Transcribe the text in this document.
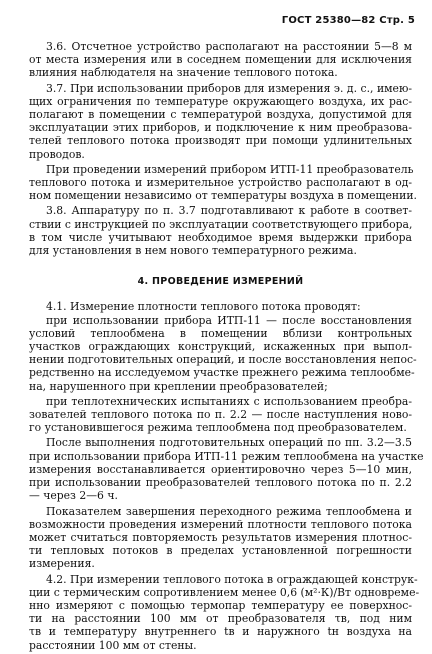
ГОСТ 25380—82 Стр. 5
3.6. Отсчетное устройство располагают на расстоянии 5—8 м
от места измерения или в соседнем помещении для исключения
влияния наблюдателя на значение теплового потока.
3.7. При использовании приборов для измерения э. д. с., имею-
щих ограничения по температуре окружающего воздуха, их рас-
полагают в помещении с температурой воздуха, допустимой для
эксплуатации этих приборов, и подключение к ним преобразова-
телей теплового потока производят при помощи удлинительных
проводов.
При проведении измерений прибором ИТП-11 преобразователь
теплового потока и измерительное устройство располагают в од-
ном помещении независимо от температуры воздуха в помещении.
3.8. Аппаратуру по п. 3.7 подготавливают к работе в соответ-
ствии с инструкцией по эксплуатации соответствующего прибора,
в том числе учитывают необходимое время выдержки прибора
для установления в нем нового температурного режима.
4. ПРОВЕДЕНИЕ ИЗМЕРЕНИЙ
4.1. Измерение плотности теплового потока проводят:
при использовании прибора ИТП-11 — после восстановления
условий теплообмена в помещении вблизи контрольных
участков ограждающих конструкций, искаженных при выпол-
нении подготовительных операций, и после восстановления непос-
редственно на исследуемом участке прежнего режима теплообме-
на, нарушенного при креплении преобразователей;
при теплотехнических испытаниях с использованием преобра-
зователей теплового потока по п. 2.2 — после наступления ново-
го установившегося режима теплообмена под преобразователем.
После выполнения подготовительных операций по пп. 3.2—3.5
при использовании прибора ИТП-11 режим теплообмена на участке
измерения восстанавливается ориентировочно через 5—10 мин,
при использовании преобразователей теплового потока по п. 2.2
— через 2—6 ч.
Показателем завершения переходного режима теплообмена и
возможности проведения измерений плотности теплового потока
может считаться повторяемость результатов измерения плотнос-
ти тепловых потоков в пределах установленной погрешности
измерения.
4.2. При измерении теплового потока в ограждающей конструк-
ции с термическим сопротивлением менее 0,6 (м²·К)/Вт одновреме-
нно измеряют с помощью термопар температуру ее поверхнос-
ти на расстоянии 100 мм от преобразователя τв, под ним
τв и температуру внутреннего tв и наружного tн воздуха на
расстоянии 100 мм от стены.
